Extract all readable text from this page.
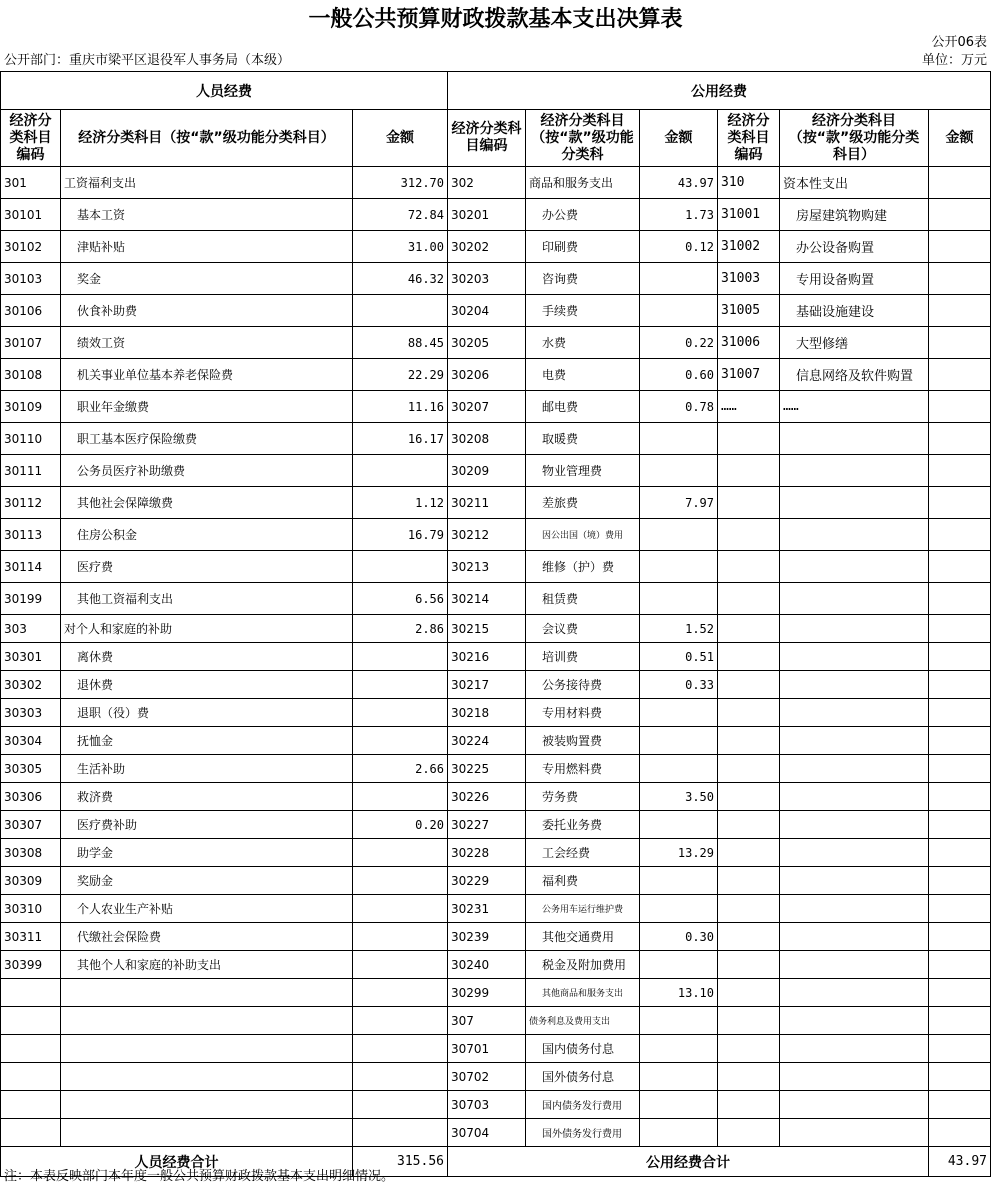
一般公共预算财政拨款基本支出决算表
公开06表
公开部门：重庆市梁平区退役军人事务局（本级）	单位：万元
人员经费			公用经费					
经济分类科目编码	经济分类科目（按“款”级功能分类科目）	金额	经济分类科目编码	经济分类科目（按“款”级功能分类科	金额	经济分类科目编码	经济分类科目（按“款”级功能分类科目）	金额
301	工资福利支出	312.70	302	商品和服务支出	43.97	310	资本性支出	
30101	基本工资	72.84	30201	办公费	1.73	31001	房屋建筑物购建	
30102	津贴补贴	31.00	30202	印刷费	0.12	31002	办公设备购置	
30103	奖金	46.32	30203	咨询费		31003	专用设备购置	
30106	伙食补助费		30204	手续费		31005	基础设施建设	
30107	绩效工资	88.45	30205	水费	0.22	31006	大型修缮	
30108	机关事业单位基本养老保险费	22.29	30206	电费	0.60	31007	信息网络及软件购置	
30109	职业年金缴费	11.16	30207	邮电费	0.78	……	……	
30110	职工基本医疗保险缴费	16.17	30208	取暖费				
30111	公务员医疗补助缴费		30209	物业管理费				
30112	其他社会保障缴费	1.12	30211	差旅费	7.97			
30113	住房公积金	16.79	30212	因公出国（境）费用				
30114	医疗费		30213	维修（护）费				
30199	其他工资福利支出	6.56	30214	租赁费				
303	对个人和家庭的补助	2.86	30215	会议费	1.52			
30301	离休费		30216	培训费	0.51			
30302	退休费		30217	公务接待费	0.33			
30303	退职（役）费		30218	专用材料费				
30304	抚恤金		30224	被装购置费				
30305	生活补助	2.66	30225	专用燃料费				
30306	救济费		30226	劳务费	3.50			
30307	医疗费补助	0.20	30227	委托业务费				
30308	助学金		30228	工会经费	13.29			
30309	奖励金		30229	福利费				
30310	个人农业生产补贴		30231	公务用车运行维护费				
30311	代缴社会保险费		30239	其他交通费用	0.30			
30399	其他个人和家庭的补助支出		30240	税金及附加费用				
			30299	其他商品和服务支出	13.10			
			307	债务利息及费用支出				
			30701	国内债务付息				
			30702	国外债务付息				
			30703	国内债务发行费用				
			30704	国外债务发行费用				
人员经费合计		315.56	公用经费合计					43.97
注：本表反映部门本年度一般公共预算财政拨款基本支出明细情况。
